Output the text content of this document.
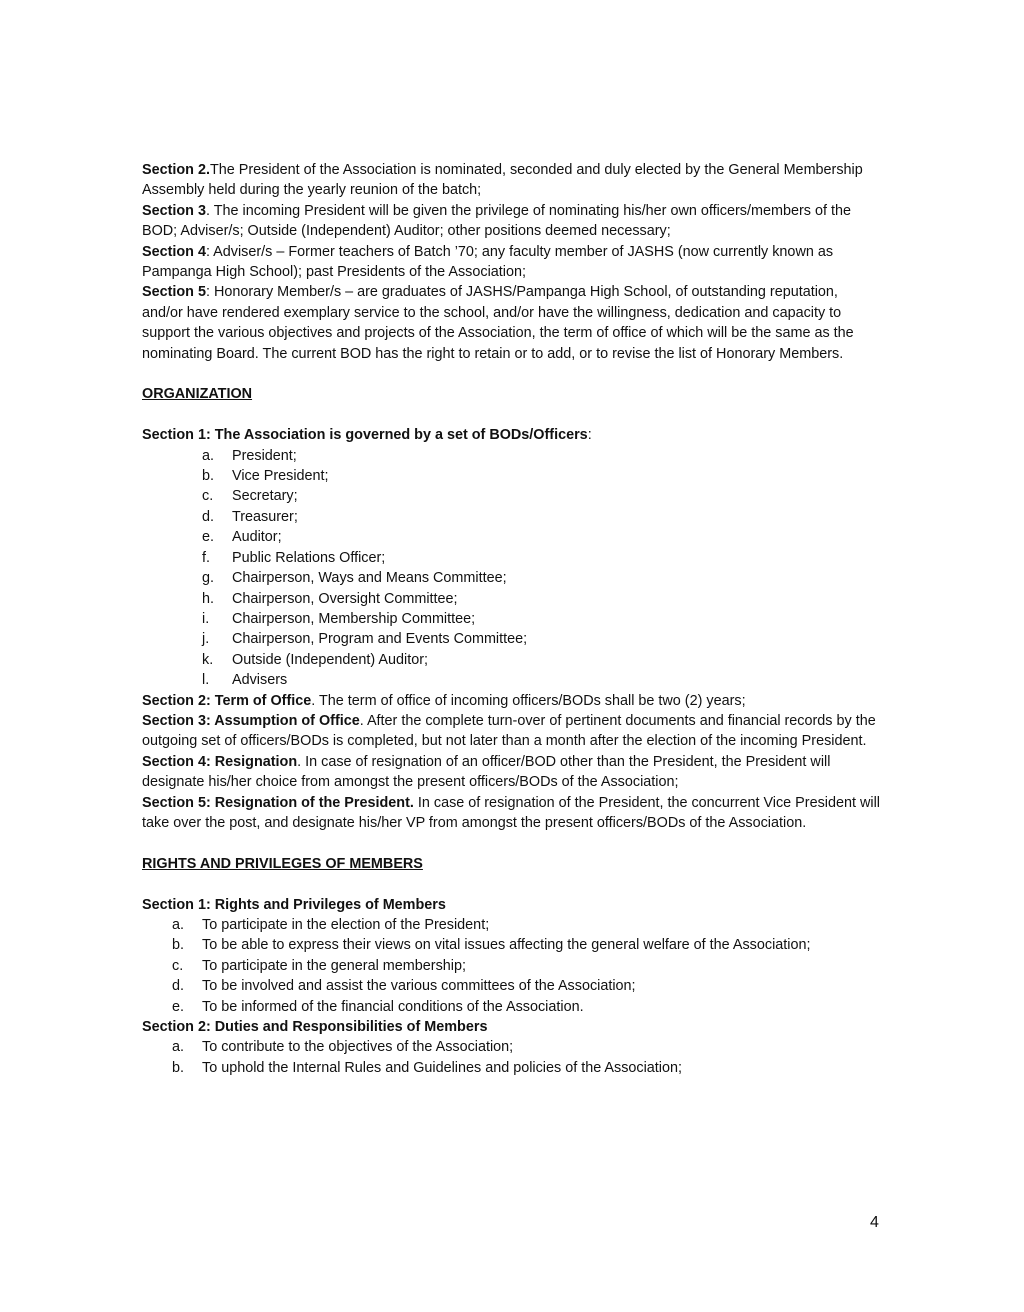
Section 2.The President of the Association is nominated, seconded and duly elected by the General Membership Assembly held during the yearly reunion of the batch;

Section 3. The incoming President will be given the privilege of nominating his/her own officers/members of the BOD; Adviser/s; Outside (Independent) Auditor; other positions deemed necessary;

Section 4: Adviser/s – Former teachers of Batch ’70; any faculty member of JASHS (now currently known as Pampanga High School); past Presidents of the Association;

Section 5: Honorary Member/s – are graduates of JASHS/Pampanga High School, of outstanding reputation, and/or have rendered exemplary service to the school, and/or have the willingness, dedication and capacity to support the various objectives and projects of the Association, the term of office of which will be the same as the nominating Board. The current BOD has the right to retain or to add, or to revise the list of Honorary Members.

ORGANIZATION

Section 1: The Association is governed by a set of BODs/Officers:

a.	President;
b.	Vice President;
c.	Secretary;
d.	Treasurer;
e.	Auditor;
f.	Public Relations Officer;
g.	Chairperson, Ways and Means Committee;
h.	Chairperson, Oversight Committee;
i.	Chairperson, Membership Committee;
j.	Chairperson, Program and Events Committee;
k.	Outside (Independent) Auditor;
l.	Advisers

Section 2: Term of Office. The term of office of incoming officers/BODs shall be two (2) years;

Section 3: Assumption of Office. After the complete turn-over of pertinent documents and financial records by the outgoing set of officers/BODs is completed, but not later than a month after the election of the incoming President.

Section 4: Resignation. In case of resignation of an officer/BOD other than the President, the President will designate his/her choice from amongst the present officers/BODs of the Association;

Section 5: Resignation of the President. In case of resignation of the President, the concurrent Vice President will take over the post, and designate his/her VP from amongst the present officers/BODs of the Association.

RIGHTS AND PRIVILEGES OF MEMBERS

Section 1: Rights and Privileges of Members

a.	To participate in the election of the President;
b.	To be able to express their views on vital issues affecting the general welfare of the Association;
c.	To participate in the general membership;
d.	To be involved and assist the various committees of the Association;
e.	To be informed of the financial conditions of the Association.

Section 2: Duties and Responsibilities of Members

a.	To contribute to the objectives of the Association;
b.	To uphold the Internal Rules and Guidelines and policies of the Association;
4
